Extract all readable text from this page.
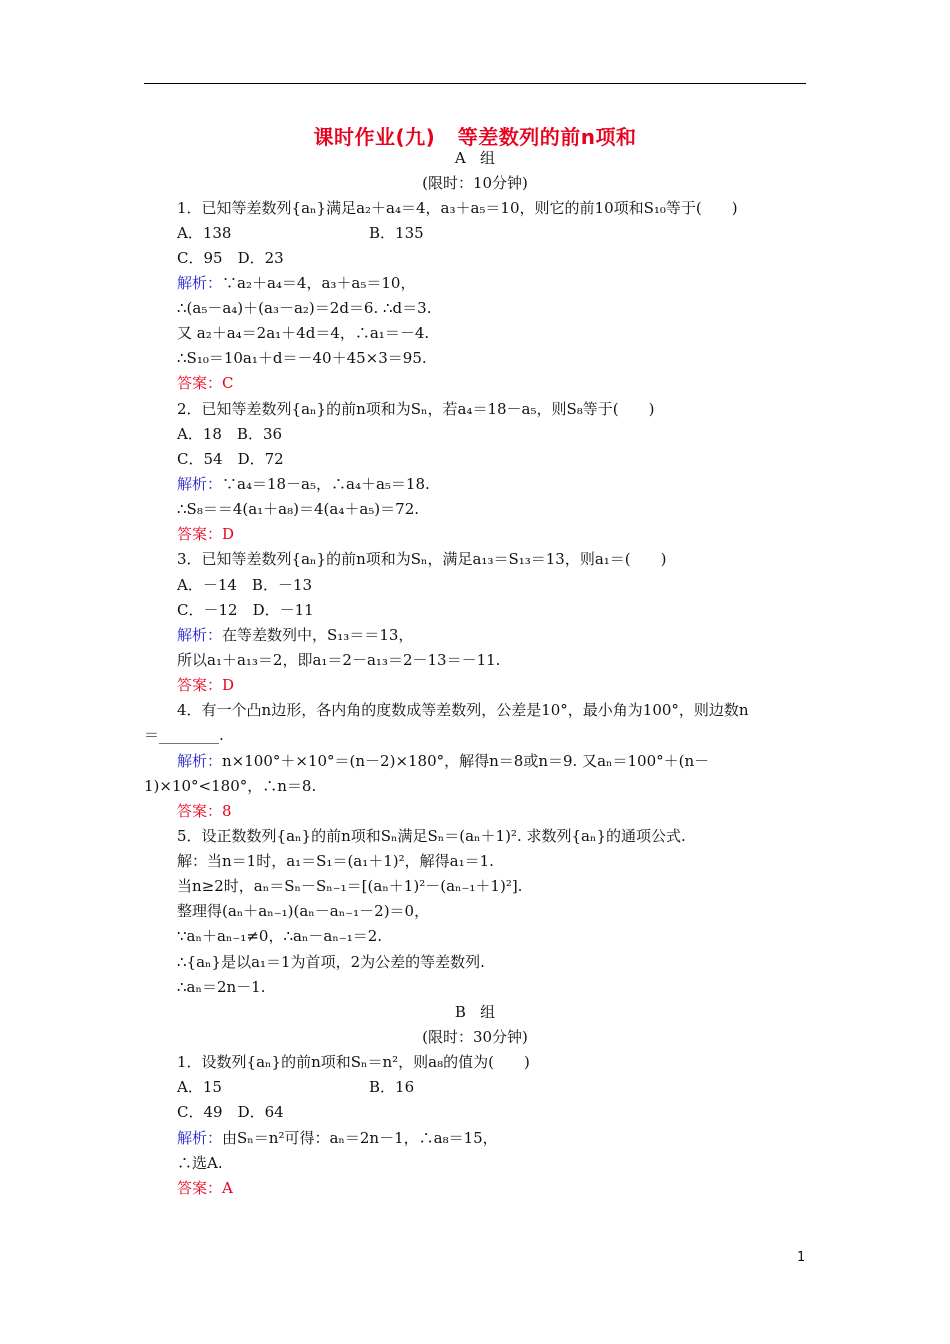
课时作业(九)   等差数列的前n项和
A   组
(限时：10分钟)
1．已知等差数列{aₙ}满足a₂＋a₄＝4，a₃＋a₅＝10，则它的前10项和S₁₀等于(　　)
A．138	B．135
C．95　D．23
解析：∵a₂＋a₄＝4，a₃＋a₅＝10，
∴(a₅－a₄)＋(a₃－a₂)＝2d＝6. ∴d＝3.
又 a₂＋a₄＝2a₁＋4d＝4，∴a₁＝－4.
∴S₁₀＝10a₁＋d＝－40＋45×3＝95.
答案：C
2．已知等差数列{aₙ}的前n项和为Sₙ，若a₄＝18－a₅，则S₈等于(　　)
A．18　B．36
C．54　D．72
解析：∵a₄＝18－a₅，∴a₄＋a₅＝18.
∴S₈＝＝4(a₁＋a₈)＝4(a₄＋a₅)＝72.
答案：D
3．已知等差数列{aₙ}的前n项和为Sₙ，满足a₁₃＝S₁₃＝13，则a₁＝(　　)
A．－14　B．－13
C．－12　D．－11
解析：在等差数列中，S₁₃＝＝13，
所以a₁＋a₁₃＝2，即a₁＝2－a₁₃＝2－13＝－11.
答案：D
4．有一个凸n边形，各内角的度数成等差数列，公差是10°，最小角为100°，则边数n
＝________.
解析：n×100°＋×10°＝(n－2)×180°，解得n＝8或n＝9. 又aₙ＝100°＋(n－
1)×10°<180°，∴n＝8.
答案：8
5．设正数数列{aₙ}的前n项和Sₙ满足Sₙ＝(aₙ＋1)². 求数列{aₙ}的通项公式.
解：当n＝1时，a₁＝S₁＝(a₁＋1)²，解得a₁＝1.
当n≥2时，aₙ＝Sₙ－Sₙ₋₁＝[(aₙ＋1)²－(aₙ₋₁＋1)²].
整理得(aₙ＋aₙ₋₁)(aₙ－aₙ₋₁－2)＝0，
∵aₙ＋aₙ₋₁≠0，∴aₙ－aₙ₋₁＝2.
∴{aₙ}是以a₁＝1为首项，2为公差的等差数列.
∴aₙ＝2n－1.
B   组
(限时：30分钟)
1．设数列{aₙ}的前n项和Sₙ＝n²，则a₈的值为(　　)
A．15	B．16
C．49　D．64
解析：由Sₙ＝n²可得：aₙ＝2n－1，∴a₈＝15，
∴选A.
答案：A
1
